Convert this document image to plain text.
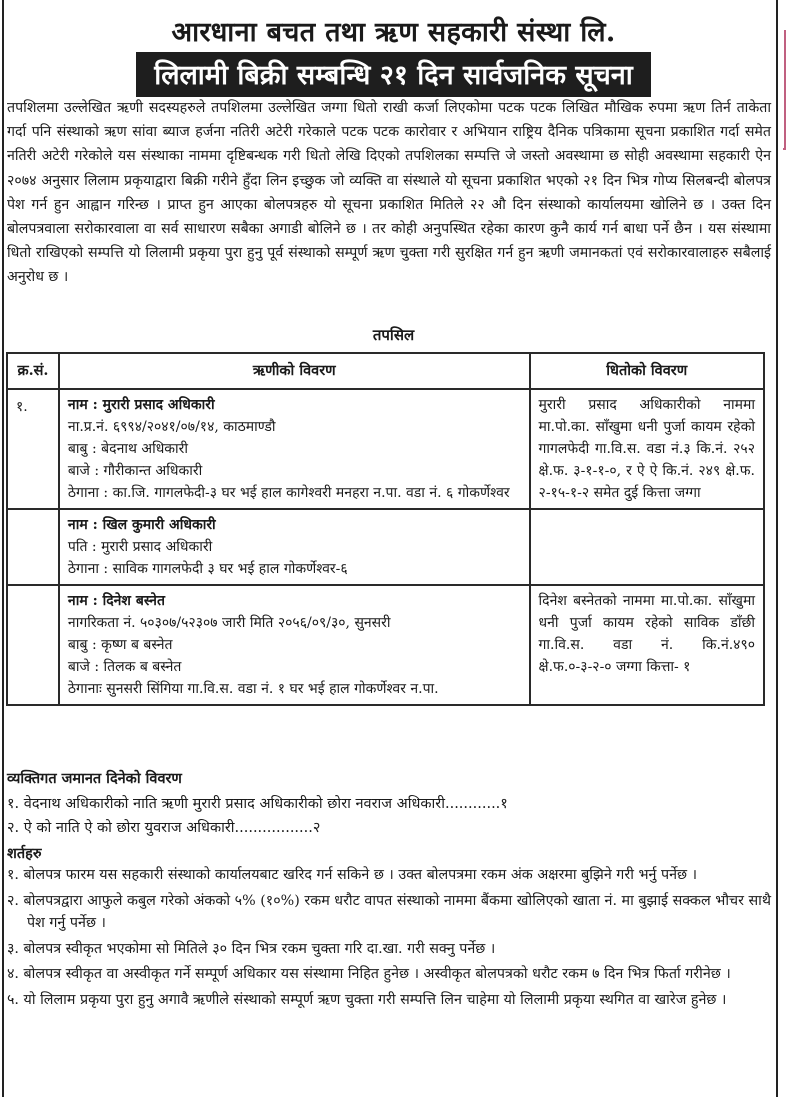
आरधाना बचत तथा ऋण सहकारी संस्था लि.
लिलामी बिक्री सम्बन्धि २१ दिन सार्वजनिक सूचना

तपशिलमा उल्लेखित ऋणी सदस्यहरुले तपशिलमा उल्लेखित जग्गा धितो राखी कर्जा लिएकोमा पटक पटक लिखित मौखिक रुपमा ऋण तिर्न ताकेता गर्दा पनि संस्थाको ऋण सांवा ब्याज हर्जना नतिरी अटेरी गरेकाले पटक पटक कारोवार र अभियान राष्ट्रिय दैनिक पत्रिकामा सूचना प्रकाशित गर्दा समेत नतिरी अटेरी गरेकोले यस संस्थाका नाममा दृष्टिबन्धक गरी धितो लेखि दिएको तपशिलका सम्पत्ति जे जस्तो अवस्थामा छ सोही अवस्थामा सहकारी ऐन २०७४ अनुसार लिलाम प्रकृयाद्वारा बिक्री गरीने हुँदा लिन इच्छुक जो व्यक्ति वा संस्थाले यो सूचना प्रकाशित भएको २१ दिन भित्र गोप्य सिलबन्दी बोलपत्र पेश गर्न हुन आह्वान गरिन्छ । प्राप्त हुन आएका बोलपत्रहरु यो सूचना प्रकाशित मितिले २२ औ दिन संस्थाको कार्यालयमा खोलिने छ । उक्त दिन बोलपत्रवाला सरोकारवाला वा सर्व साधारण सबैका अगाडी बोलिने छ । तर कोही अनुपस्थित रहेका कारण कुनै कार्य गर्न बाधा पर्ने छैन । यस संस्थामा धितो राखिएको सम्पत्ति यो लिलामी प्रकृया पुरा हुनु पूर्व संस्थाको सम्पूर्ण ऋण चुक्ता गरी सुरक्षित गर्न हुन ऋणी जमानकतां एवं सरोकारवालाहरु सबैलाई अनुरोध छ ।

तपसिल
क्र.सं.	ऋणीको विवरण	धितोको विवरण
१.	नाम : मुरारी प्रसाद अधिकारी
ना.प्र.नं. ६९९४/२०४१/०७/१४, काठमाण्डौ
बाबु : बेदनाथ अधिकारी
बाजे : गौरीकान्त अधिकारी
ठेगाना : का.जि. गागलफेदी-३ घर भई हाल कागेश्वरी मनहरा न.पा. वडा नं. ६ गोकर्णेश्वर	मुरारी प्रसाद अधिकारीको नाममा मा.पो.का. साँखुमा धनी पुर्जा कायम रहेको गागलफेदी गा.वि.स. वडा नं.३ कि.नं. २५२ क्षे.फ. ३-१-१-०, र ऐ ऐ कि.नं. २४९ क्षे.फ. २-१५-१-२ समेत दुई कित्ता जग्गा

	नाम : खिल कुमारी अधिकारी
पति : मुरारी प्रसाद अधिकारी
ठेगाना : साविक गागलफेदी ३ घर भई हाल गोकर्णेश्वर-६	

	नाम : दिनेश बस्नेत
नागरिकता नं. ५०३०७/५२३०७ जारी मिति २०५६/०९/३०, सुनसरी
बाबु : कृष्ण ब बस्नेत
बाजे : तिलक ब बस्नेत
ठेगानाः सुनसरी सिंगिया गा.वि.स. वडा नं. १ घर भई हाल गोकर्णेश्वर न.पा.	दिनेश बस्नेतको नाममा मा.पो.का. साँखुमा धनी पुर्जा कायम रहेको साविक डाँछी गा.वि.स. वडा नं. कि.नं.४९० क्षे.फ.०-३-२-० जग्गा कित्ता- १
व्यक्तिगत जमानत दिनेको विवरण
१. वेदनाथ अधिकारीको नाति ऋणी मुरारी प्रसाद अधिकारीको छोरा नवराज अधिकारी............१
२. ऐ को नाति ऐ को छोरा युवराज अधिकारी.................२
शर्तहरु
१. बोलपत्र फारम यस सहकारी संस्थाको कार्यालयबाट खरिद गर्न सकिने छ । उक्त बोलपत्रमा रकम अंक अक्षरमा बुझिने गरी भर्नु पर्नेछ ।
२. बोलपत्रद्वारा आफुले कबुल गरेको अंकको ५% (१०%) रकम धरौट वापत संस्थाको नाममा बैंकमा खोलिएको खाता नं. मा बुझाई सक्कल भौचर साथै पेश गर्नु पर्नेछ ।
३. बोलपत्र स्वीकृत भएकोमा सो मितिले ३० दिन भित्र रकम चुक्ता गरि दा.खा. गरी सक्नु पर्नेछ ।
४. बोलपत्र स्वीकृत वा अस्वीकृत गर्ने सम्पूर्ण अधिकार यस संस्थामा निहित हुनेछ । अस्वीकृत बोलपत्रको धरौट रकम ७ दिन भित्र फिर्ता गरीनेछ ।
५. यो लिलाम प्रकृया पुरा हुनु अगावै ऋणीले संस्थाको सम्पूर्ण ऋण चुक्ता गरी सम्पत्ति लिन चाहेमा यो लिलामी प्रकृया स्थगित वा खारेज हुनेछ ।
